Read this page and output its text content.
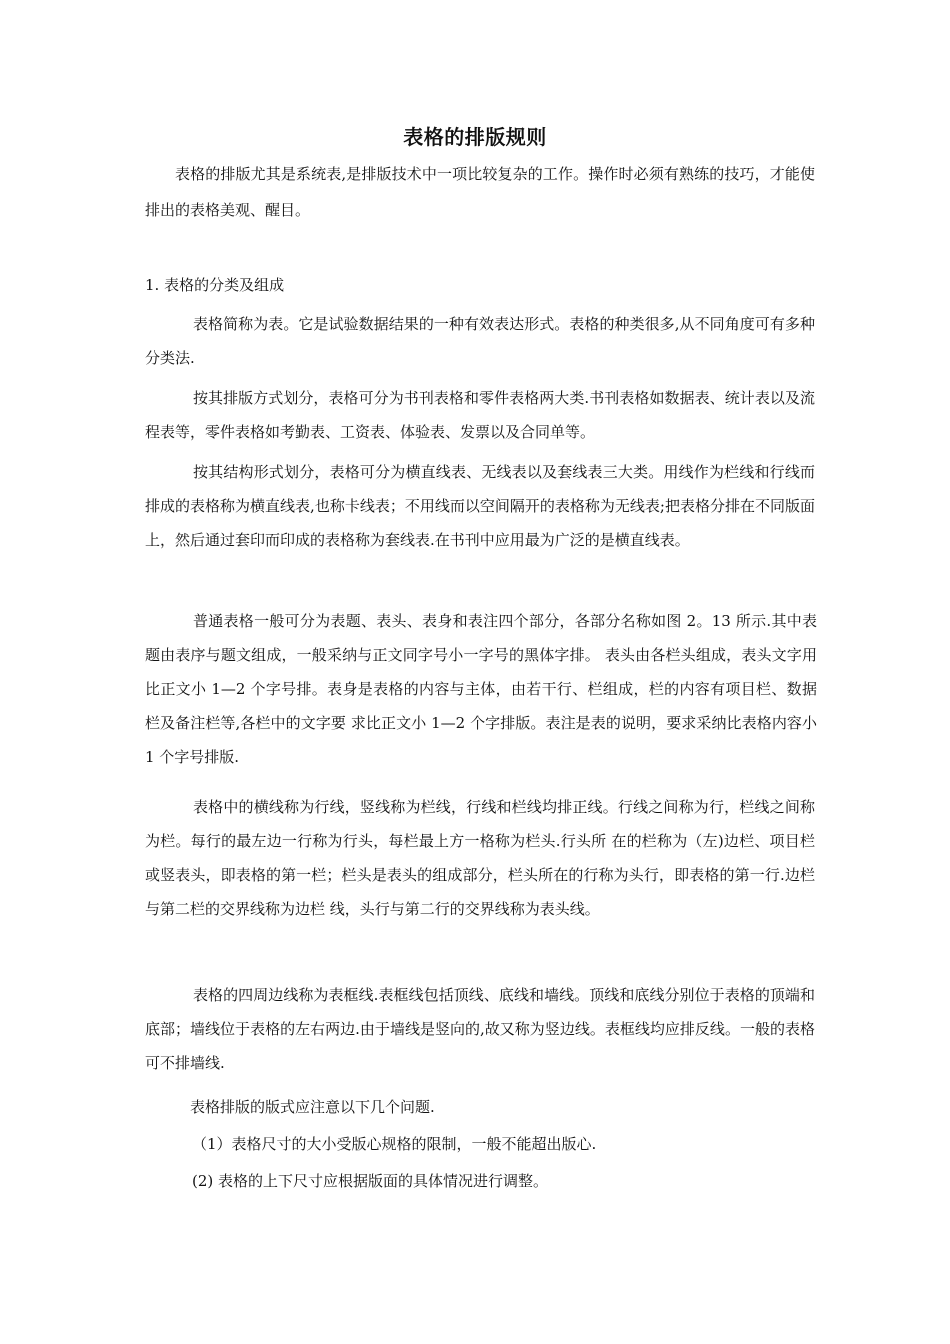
表格的排版规则

表格的排版尤其是系统表,是排版技术中一项比较复杂的工作。操作时必须有熟练的技巧，才能使排出的表格美观、醒目。

1. 表格的分类及组成

表格简称为表。它是试验数据结果的一种有效表达形式。表格的种类很多,从不同角度可有多种分类法.

按其排版方式划分，表格可分为书刊表格和零件表格两大类.书刊表格如数据表、统计表以及流程表等，零件表格如考勤表、工资表、体验表、发票以及合同单等。

按其结构形式划分，表格可分为横直线表、无线表以及套线表三大类。用线作为栏线和行线而排成的表格称为横直线表,也称卡线表；不用线而以空间隔开的表格称为无线表;把表格分排在不同版面上，然后通过套印而印成的表格称为套线表.在书刊中应用最为广泛的是横直线表。

普通表格一般可分为表题、表头、表身和表注四个部分，各部分名称如图 2。13 所示.其中表题由表序与题文组成，一般采纳与正文同字号小一字号的黑体字排。 表头由各栏头组成，表头文字用比正文小 1—2 个字号排。表身是表格的内容与主体，由若干行、栏组成，栏的内容有项目栏、数据栏及备注栏等,各栏中的文字要 求比正文小 1—2 个字排版。表注是表的说明，要求采纳比表格内容小 1 个字号排版.

表格中的横线称为行线，竖线称为栏线，行线和栏线均排正线。行线之间称为行，栏线之间称为栏。每行的最左边一行称为行头，每栏最上方一格称为栏头.行头所 在的栏称为（左)边栏、项目栏或竖表头，即表格的第一栏；栏头是表头的组成部分，栏头所在的行称为头行，即表格的第一行.边栏与第二栏的交界线称为边栏 线，头行与第二行的交界线称为表头线。

表格的四周边线称为表框线.表框线包括顶线、底线和墙线。顶线和底线分别位于表格的顶端和底部；墙线位于表格的左右两边.由于墙线是竖向的,故又称为竖边线。表框线均应排反线。一般的表格可不排墙线.

表格排版的版式应注意以下几个问题.

（1）表格尺寸的大小受版心规格的限制，一般不能超出版心.
(2) 表格的上下尺寸应根据版面的具体情况进行调整。
